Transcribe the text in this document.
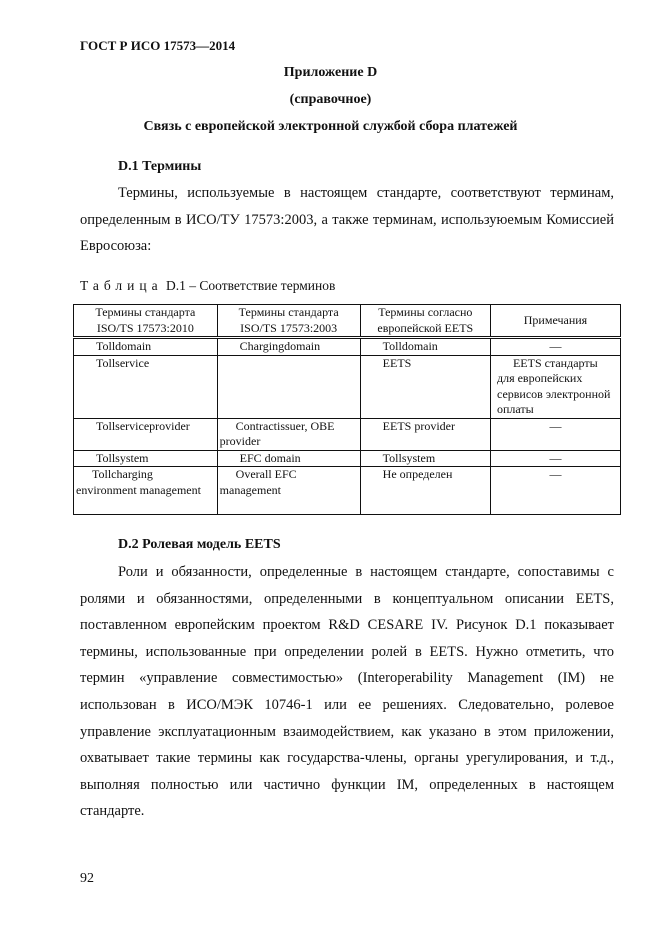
ГОСТ Р ИСО 17573—2014
Приложение D
(справочное)
Связь с европейской электронной службой сбора платежей
D.1 Термины

Термины, используемые в настоящем стандарте, соответствуют терминам, определенным в ИСО/ТУ 17573:2003, а также терминам, используюемым Комиссией Евросоюза:

Таблица D.1 – Соответствие терминов
Термины стандарта ISO/TS 17573:2010	Термины стандарта ISO/TS 17573:2003	Термины согласно европейской EETS	Примечания
Tolldomain	Chargingdomain	Tolldomain	—
Tollservice		EETS	EETS стандарты для европейских сервисов электронной оплаты
Tollserviceprovider	Contractissuer, OBE provider	EETS provider	—
Tollsystem	EFC domain	Tollsystem	—
Tollcharging environment management	Overall EFC management	Не определен	—
D.2 Ролевая модель EETS

Роли и обязанности, определенные в настоящем стандарте, сопоставимы с ролями и обязанностями, определенными в концептуальном описании EETS, поставленном европейским проектом R&D CESARE IV. Рисунок D.1 показывает термины, использованные при определении ролей в EETS. Нужно отметить, что термин «управление совместимостью» (Interoperability Management (IM) не использован в ИСО/МЭК 10746-1 или ее решениях. Следовательно, ролевое управление эксплуатационным взаимодействием, как указано в этом приложении, охватывает такие термины как государства-члены, органы урегулирования, и т.д., выполняя полностью или частично функции IM, определенных в настоящем стандарте.

92
